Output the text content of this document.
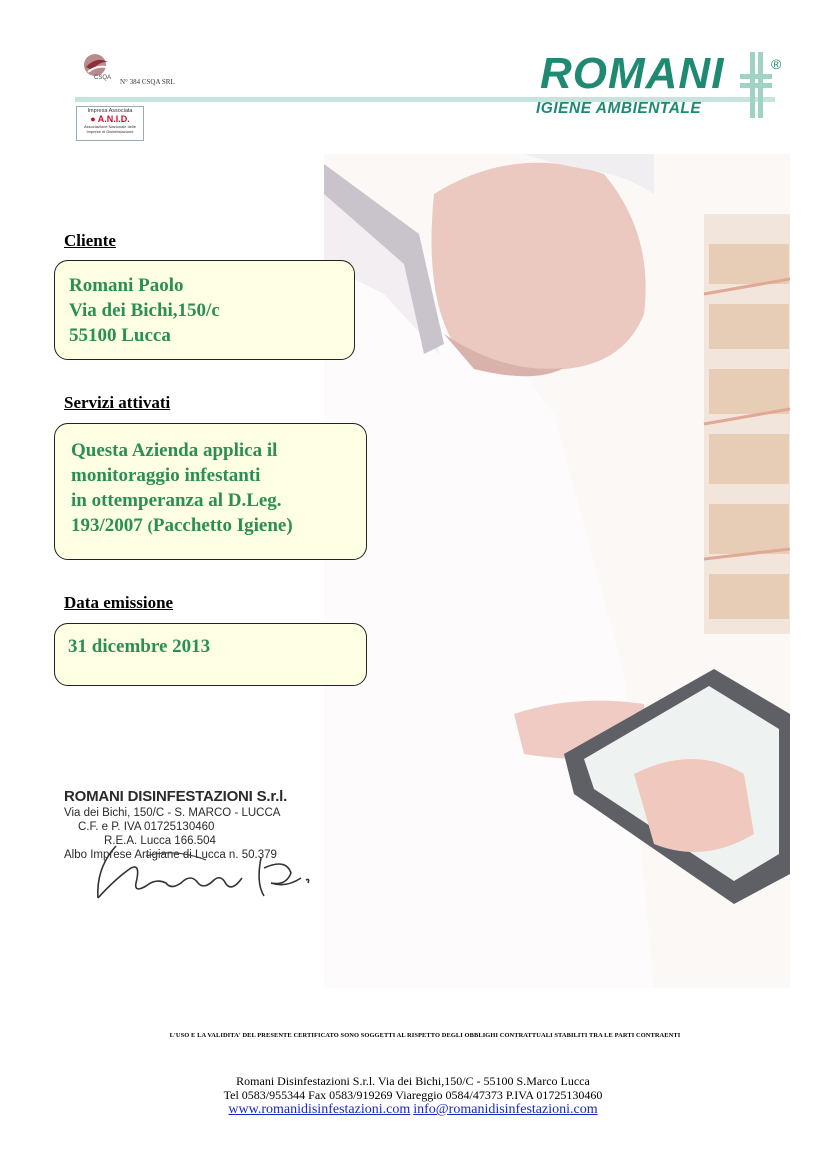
CSQA N° 384 CSQA SRL
Impresa Associata
● A.N.I.D.
Associazione Nazionale delle Imprese di Disinfestazione
ROMANI
IGIENE AMBIENTALE
®
Cliente
Romani Paolo
Via dei Bichi,150/c
55100 Lucca
Servizi attivati
Questa Azienda applica il
monitoraggio infestanti
in ottemperanza al D.Leg.
193/2007 (Pacchetto Igiene)
Data emissione
31 dicembre 2013
ROMANI DISINFESTAZIONI S.r.l.
Via dei Bichi, 150/C - S. MARCO - LUCCA
C.F. e P. IVA 01725130460
R.E.A. Lucca 166.504
Albo Imprese Artigiane di Lucca n. 50.379
L'USO E LA VALIDITA' DEL PRESENTE CERTIFICATO SONO SOGGETTI AL RISPETTO DEGLI OBBLIGHI CONTRATTUALI STABILITI TRA LE PARTI CONTRAENTI
Romani Disinfestazioni S.r.l. Via dei Bichi,150/C - 55100 S.Marco Lucca
Tel 0583/955344 Fax 0583/919269 Viareggio 0584/47373 P.IVA 01725130460
www.romanidisinfestazioni.com info@romanidisinfestazioni.com
